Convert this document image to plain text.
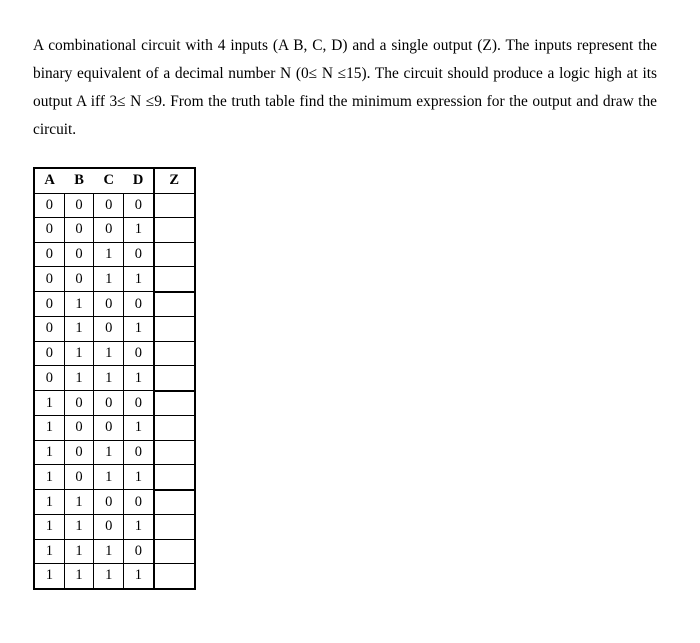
A combinational circuit with 4 inputs (A B, C, D) and a single output (Z). The inputs represent the binary equivalent of a decimal number N (0≤ N ≤15). The circuit should produce a logic high at its output A iff 3≤ N ≤9. From the truth table find the minimum expression for the output and draw the circuit.

A	B	C	D	Z
0	0	0	0	
0	0	0	1	
0	0	1	0	
0	0	1	1	
0	1	0	0	
0	1	0	1	
0	1	1	0	
0	1	1	1	
1	0	0	0	
1	0	0	1	
1	0	1	0	
1	0	1	1	
1	1	0	0	
1	1	0	1	
1	1	1	0	
1	1	1	1	
